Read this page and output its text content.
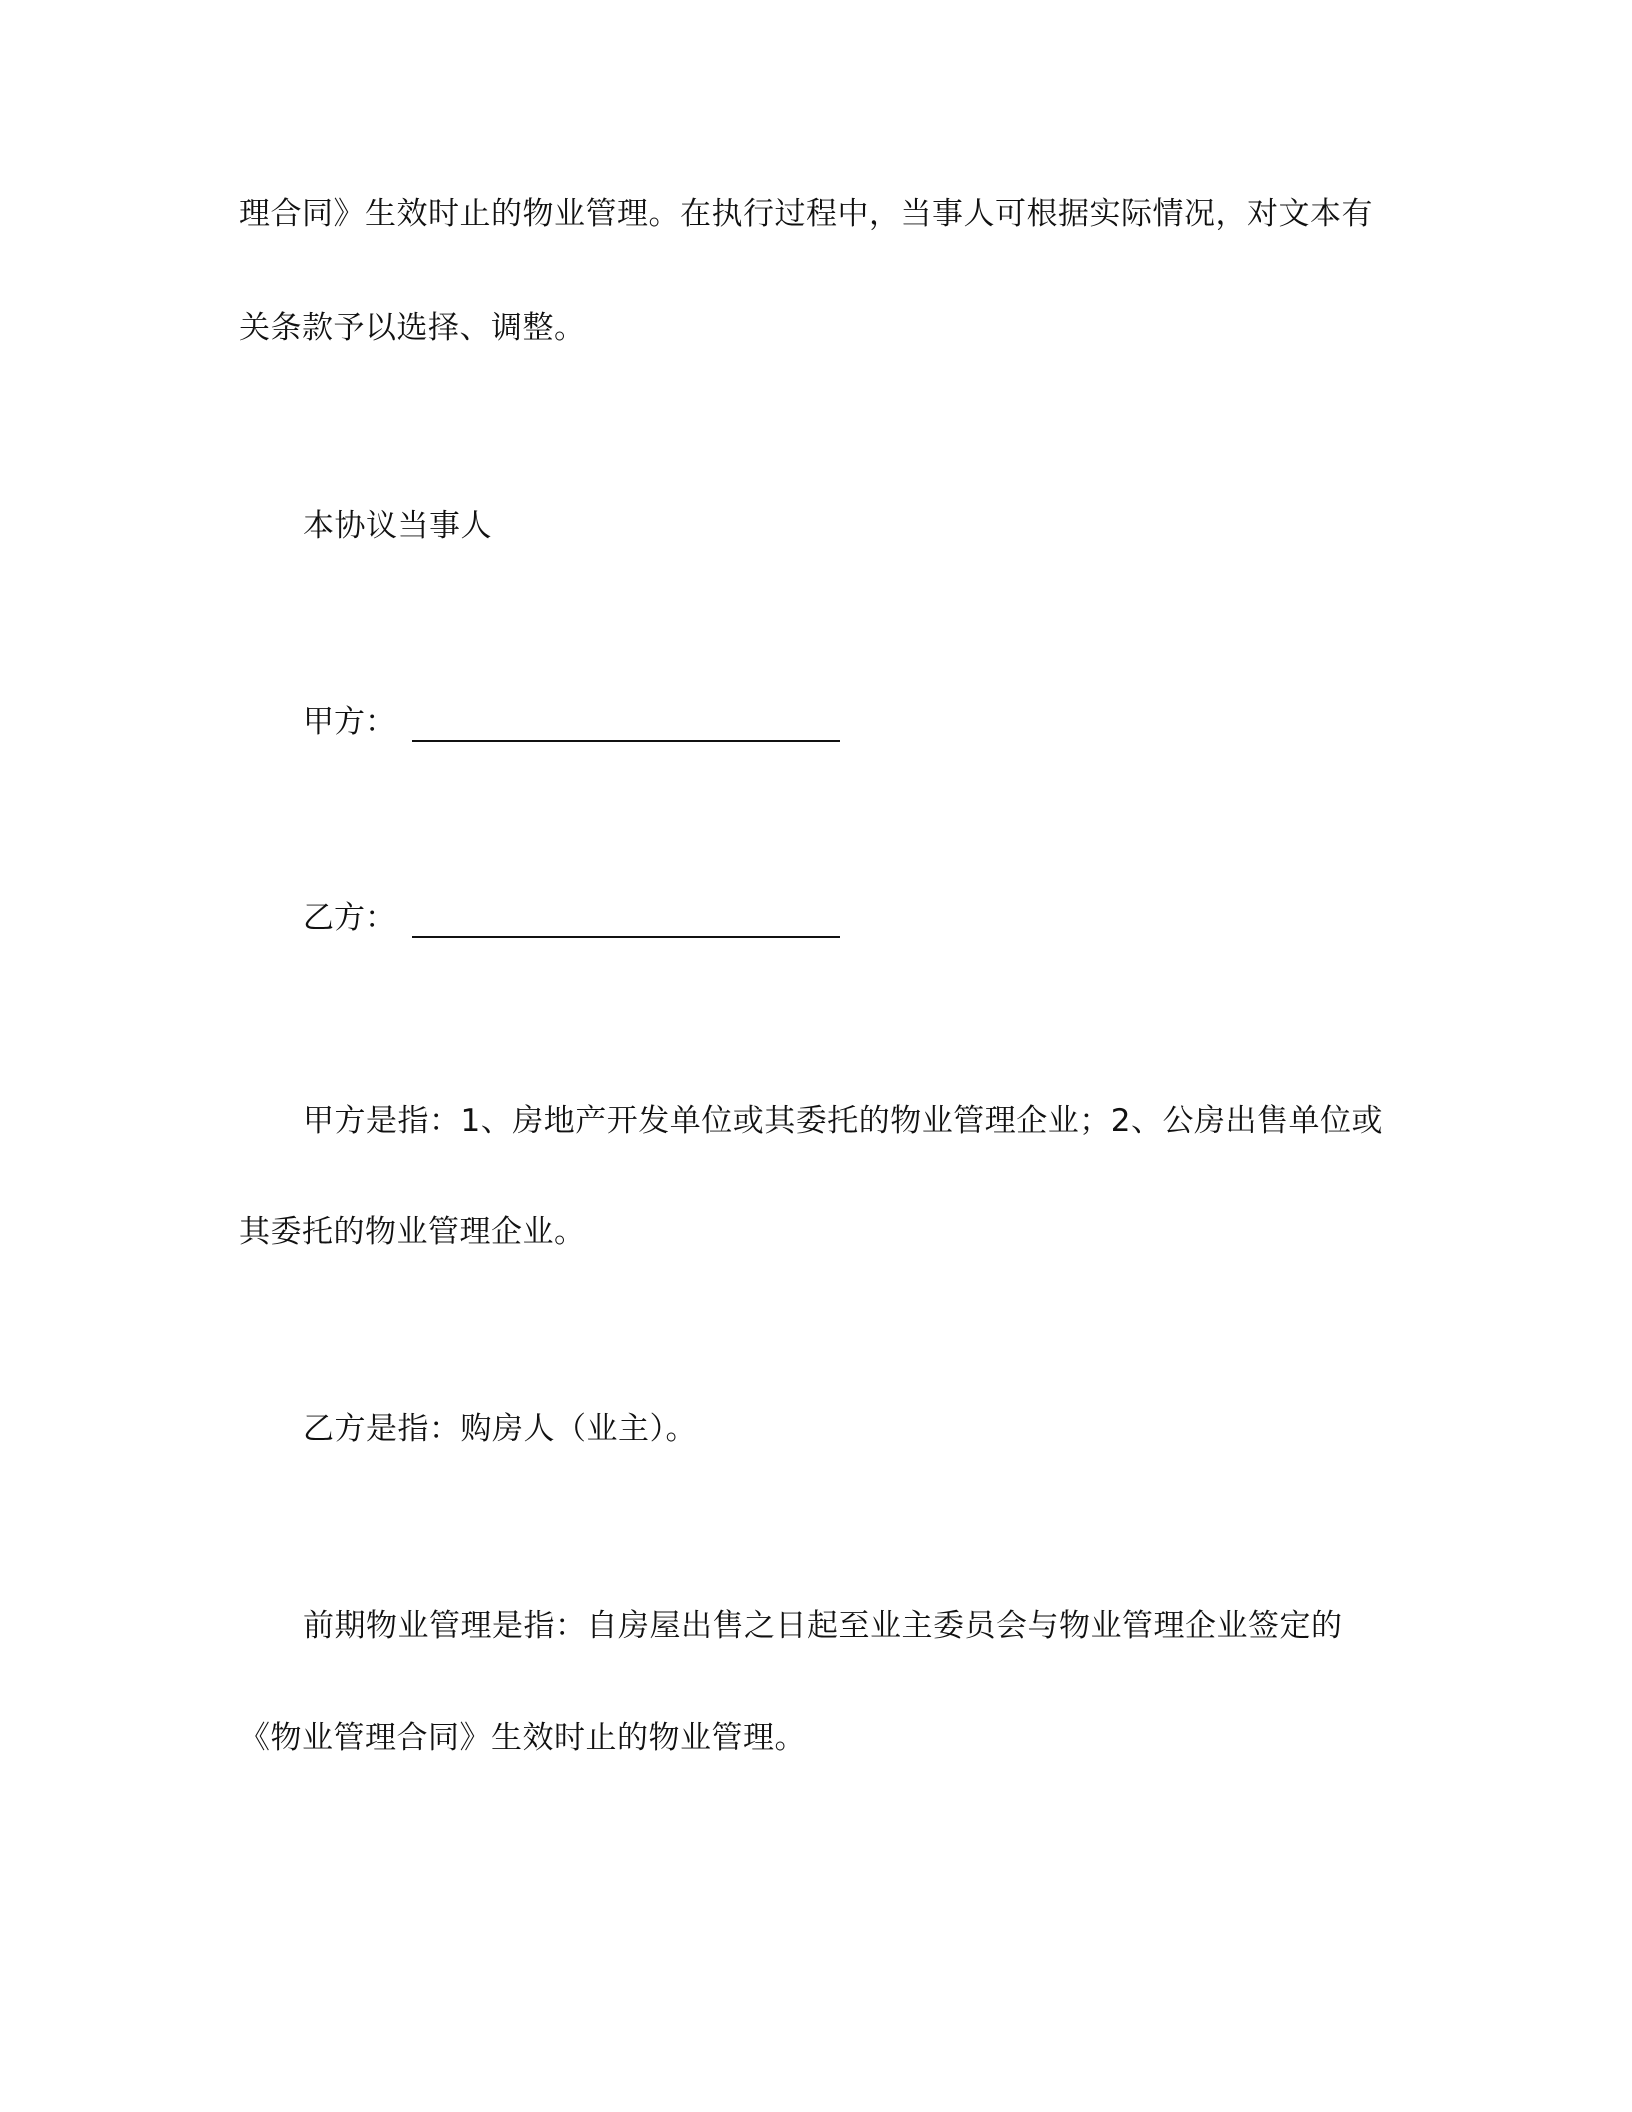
理合同》生效时止的物业管理。在执行过程中，当事人可根据实际情况，对文本有
关条款予以选择、调整。
本协议当事人
甲方：
乙方：
甲方是指：1、房地产开发单位或其委托的物业管理企业；2、公房出售单位或
其委托的物业管理企业。
乙方是指：购房人（业主）。
前期物业管理是指：自房屋出售之日起至业主委员会与物业管理企业签定的
《物业管理合同》生效时止的物业管理。
